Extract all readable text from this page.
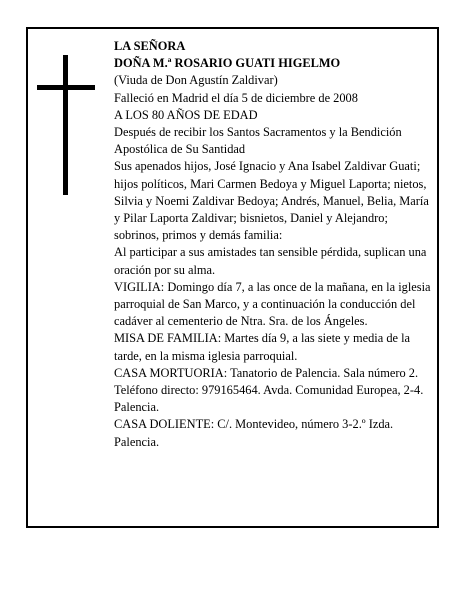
LA SEÑORA

DOÑA M.ª ROSARIO GUATI HIGELMO

(Viuda de Don Agustín Zaldivar)

Falleció en Madrid el día 5 de diciembre de 2008

A LOS 80 AÑOS DE EDAD

Después de recibir los Santos Sacramentos y la Bendición Apostólica de Su Santidad

Sus apenados hijos, José Ignacio y Ana Isabel Zaldivar Guati; hijos políticos, Mari Carmen Bedoya y Miguel Laporta; nietos, Silvia y Noemi Zaldivar Bedoya; Andrés, Manuel, Belia, María y Pilar Laporta Zaldivar; bisnietos, Daniel y Alejandro; sobrinos, primos y demás familia:

Al participar a sus amistades tan sensible pérdida, suplican una oración por su alma.

VIGILIA: Domingo día 7, a las once de la mañana, en la iglesia parroquial de San Marco, y a continuación la conducción del cadáver al cementerio de Ntra. Sra. de los Ángeles.

MISA DE FAMILIA: Martes día 9, a las siete y media de la tarde, en la misma iglesia parroquial.

CASA MORTUORIA: Tanatorio de Palencia. Sala número 2. Teléfono directo: 979165464. Avda. Comunidad Europea, 2-4. Palencia.

CASA DOLIENTE: C/. Montevideo, número 3-2.º Izda. Palencia.
